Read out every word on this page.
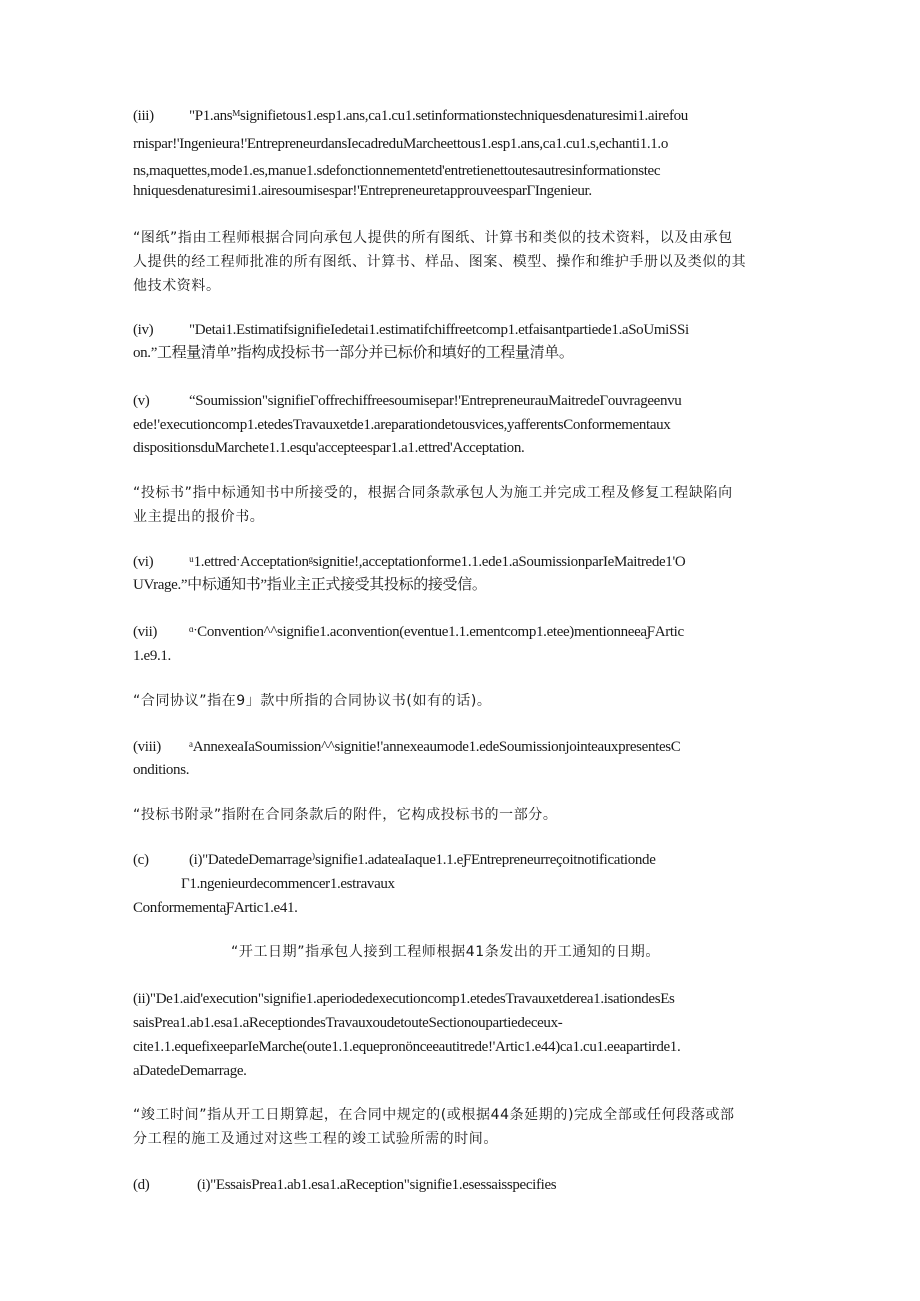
(iii) "P1.ansᴹsignifietous1.esp1.ans,ca1.cu1.setinformationstechniquesdenaturesimi1.airefou
rnispar!'Ingenieura!'EntrepreneurdansΙecadreduMarcheettous1.esp1.ans,ca1.cu1.s,echanti1.1.o
ns,maquettes,mode1.es,manue1.sdefonctionnementetd'entretienettoutesautresinformationstec
hniquesdenaturesimi1.airesoumisespar!'EntrepreneuretapprouveesparΓIngenieur.
“图纸”指由工程师根据合同向承包人提供的所有图纸、计算书和类似的技术资料，以及由承包
人提供的经工程师批准的所有图纸、计算书、样品、图案、模型、操作和维护手册以及类似的其
他技术资料。
(iv) "Detai1.EstimatifsignifieΙedetai1.estimatifchiffreetcomp1.etfaisantpartiede1.aSoUmiSSi
on.”工程量清单”指构成投标书一部分并已标价和填好的工程量清单。
(v)	“Soumission"signifieΓoffrechiffreesoumisepar!'EntrepreneurauMaitredeΓouvrageenvu
ede!'executioncomp1.etedesTravauxetde1.areparationdetousvices,yafferentsConformementaux
dispositionsduMarchete1.1.esqu'accepteespar1.a1.ettred'Acceptation.
“投标书”指中标通知书中所接受的，根据合同条款承包人为施工并完成工程及修复工程缺陷向
业主提出的报价书。
(vi) ᵘ1.ettredˑAcceptationᵍsignitie!,acceptationforme1.1.ede1.aSoumissionparΙeMaitrede1'O
UVrage.”中标通知书”指业主正式接受其投标的接受信。
(vii) ᵅˑConvention^^signifie1.aconvention(eventue1.1.ementcomp1.etee)mentionneeaƑArtic
1.e9.1.
“合同协议”指在9」款中所指的合同协议书(如有的话)。
(viii) ᵃAnnexeaΙaSoumission^^signitie!'annexeaumode1.edeSoumissionjointeauxpresentesC
onditions.
“投标书附录”指附在合同条款后的附件，它构成投标书的一部分。
(c)	(i)"DatedeDemarrage⁾signifie1.adateaΙaque1.1.eƑEntrepreneurreçoitnotificationde
Γ1.ngenieurdecommencer1.estravaux
ConformementaƑArtic1.e41.
“开工日期”指承包人接到工程师根据41条发出的开工通知的日期。
(ii)"De1.aid'execution"signifie1.aperiodedexecutioncomp1.etedesTravauxetderea1.isationdesEs
saisPrea1.ab1.esa1.aReceptiondesTravauxoudetouteSectionoupartiedeceux-
cite1.1.equefixeeparΙeMarche(oute1.1.equepronönceeautitrede!'Artic1.e44)ca1.cu1.eeapartirde1.
aDatedeDemarrage.
“竣工时间”指从开工日期算起，在合同中规定的(或根据44条延期的)完成全部或任何段落或部
分工程的施工及通过对这些工程的竣工试验所需的时间。
(d)	(i)"EssaisPrea1.ab1.esa1.aReception"signifie1.esessaisspecifies
